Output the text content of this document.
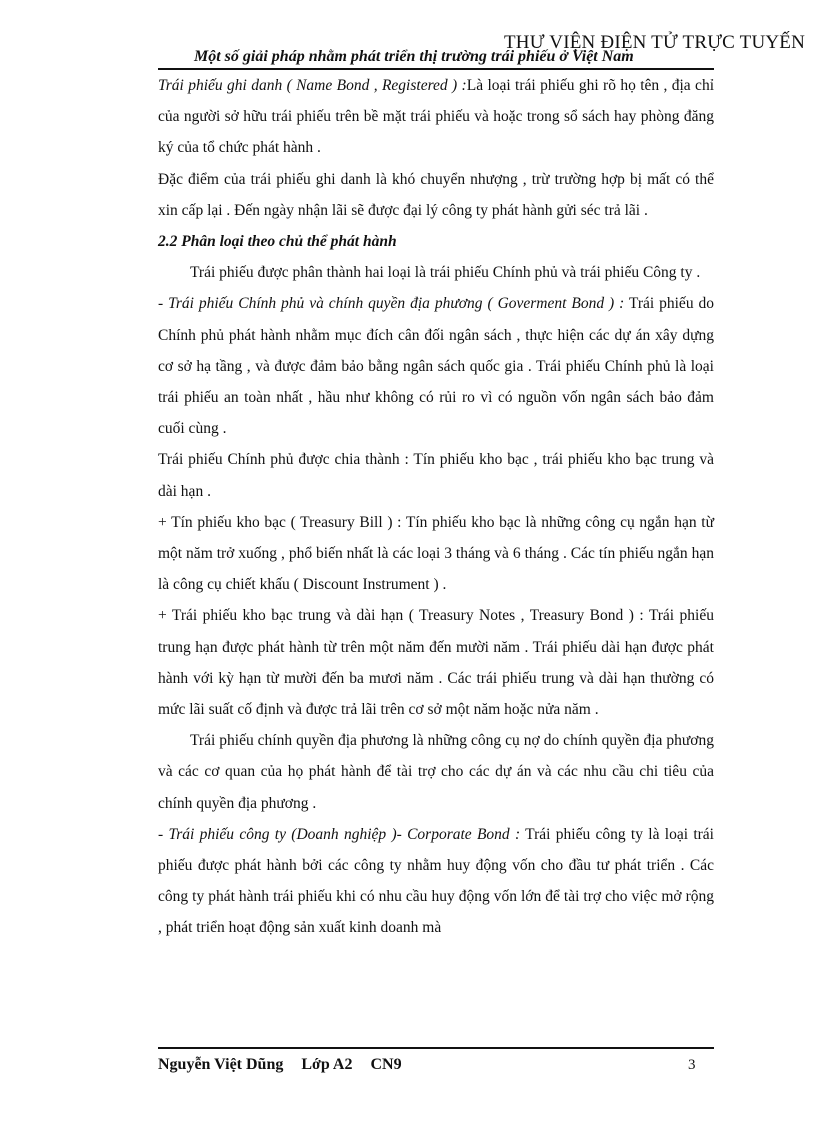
THƯ VIỆN ĐIỆN TỬ TRỰC TUYẾN
Một số giải pháp nhằm phát triển thị trường trái phiếu ở Việt Nam

Trái phiếu ghi danh ( Name Bond , Registered ) :Là loại trái phiếu ghi rõ họ tên , địa chỉ của người sở hữu trái phiếu trên bề mặt trái phiếu và hoặc trong sổ sách hay phòng đăng ký của tổ chức phát hành .

Đặc điểm của trái phiếu ghi danh là khó chuyển nhượng , trừ trường hợp bị mất có thể xin cấp lại . Đến ngày nhận lãi sẽ được đại lý công ty phát hành gửi séc trả lãi .

2.2 Phân loại theo chủ thể phát hành

Trái phiếu được phân thành hai loại là trái phiếu Chính phủ và trái phiếu Công ty .

- Trái phiếu Chính phủ và chính quyền địa phương ( Goverment Bond ) : Trái phiếu do Chính phủ phát hành nhằm mục đích cân đối ngân sách , thực hiện các dự án xây dựng cơ sở hạ tầng , và được đảm bảo bằng ngân sách quốc gia . Trái phiếu Chính phủ là loại trái phiếu an toàn nhất , hầu như không có rủi ro vì có nguồn vốn ngân sách bảo đảm cuối cùng .

Trái phiếu Chính phủ được chia thành : Tín phiếu kho bạc , trái phiếu kho bạc trung và dài hạn .

+ Tín phiếu kho bạc ( Treasury Bill ) : Tín phiếu kho bạc là những công cụ ngắn hạn từ một năm trở xuống , phổ biến nhất là các loại 3 tháng và 6 tháng . Các tín phiếu ngắn hạn là công cụ chiết khấu ( Discount Instrument ) .

+ Trái phiếu kho bạc trung và dài hạn ( Treasury Notes , Treasury Bond ) : Trái phiếu trung hạn được phát hành từ trên một năm đến mười năm . Trái phiếu dài hạn được phát hành với kỳ hạn từ mười đến ba mươi năm . Các trái phiếu trung và dài hạn thường có mức lãi suất cố định và được trả lãi trên cơ sở một năm hoặc nửa năm .

Trái phiếu chính quyền địa phương là những công cụ nợ do chính quyền địa phương và các cơ quan của họ phát hành để tài trợ cho các dự án và các nhu cầu chi tiêu của chính quyền địa phương .

- Trái phiếu công ty (Doanh nghiệp )- Corporate Bond : Trái phiếu công ty là loại trái phiếu được phát hành bởi các công ty nhằm huy động vốn cho đầu tư phát triển . Các công ty phát hành trái phiếu khi có nhu cầu huy động vốn lớn để tài trợ cho việc mở rộng , phát triển hoạt động sản xuất kinh doanh mà

Nguyễn Việt Dũng Lớp A2 CN9	3
